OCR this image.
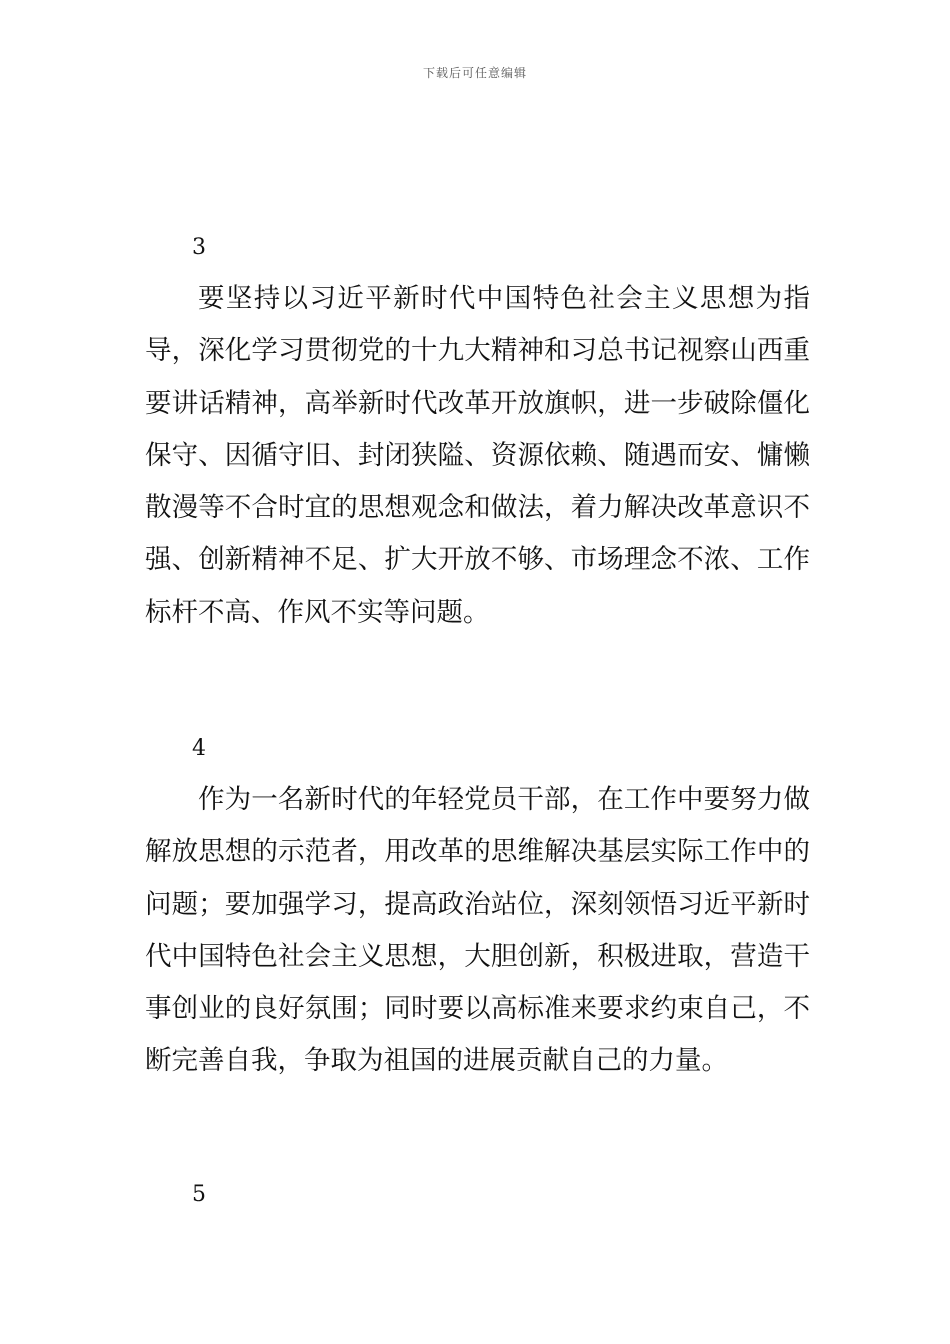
下载后可任意编辑
3

要坚持以习近平新时代中国特色社会主义思想为指导，深化学习贯彻党的十九大精神和习总书记视察山西重要讲话精神，高举新时代改革开放旗帜，进一步破除僵化保守、因循守旧、封闭狭隘、资源依赖、随遇而安、慵懒散漫等不合时宜的思想观念和做法，着力解决改革意识不强、创新精神不足、扩大开放不够、市场理念不浓、工作标杆不高、作风不实等问题。

4

作为一名新时代的年轻党员干部，在工作中要努力做解放思想的示范者，用改革的思维解决基层实际工作中的问题；要加强学习，提高政治站位，深刻领悟习近平新时代中国特色社会主义思想，大胆创新，积极进取，营造干事创业的良好氛围；同时要以高标准来要求约束自己，不断完善自我，争取为祖国的进展贡献自己的力量。

5
